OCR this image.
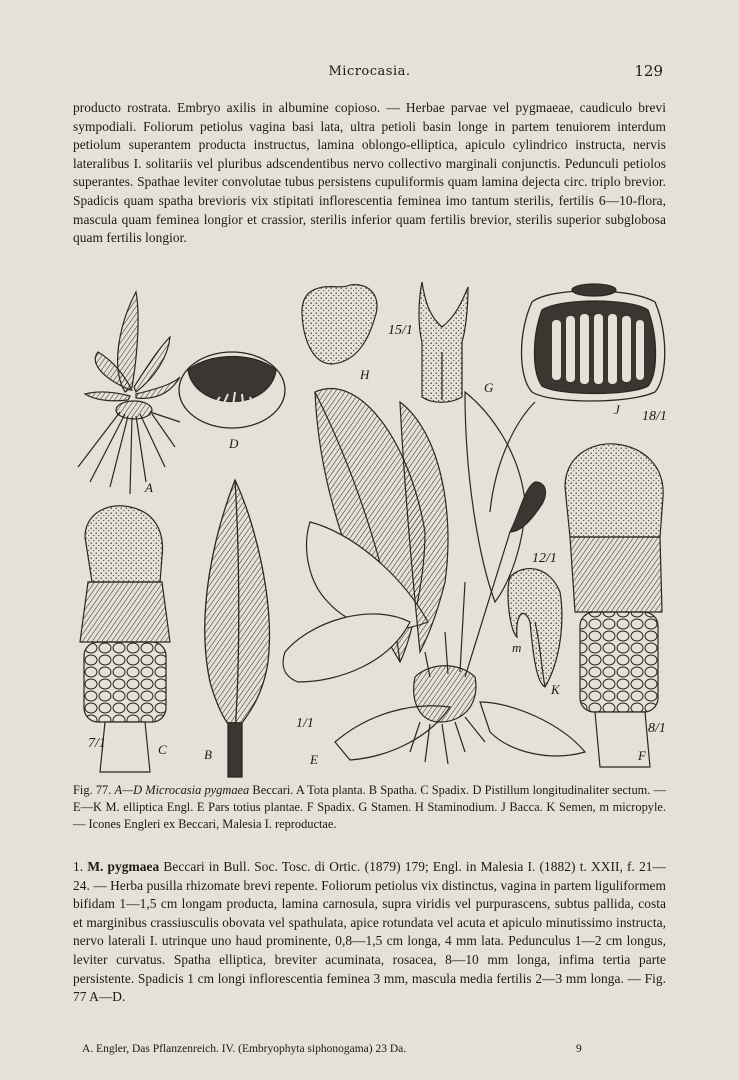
Microcasia.	129
producto rostrata. Embryo axilis in albumine copioso. — Herbae parvae vel pygmaeae, caudiculo brevi sympodiali. Foliorum petiolus vagina basi lata, ultra petioli basin longe in partem tenuiorem interdum petiolum superantem producta instructus, lamina oblongo-elliptica, apiculo cylindrico instructa, nervis lateralibus I. solitariis vel pluribus adscendentibus nervo collectivo marginali conjunctis. Pedunculi petiolos superantes. Spathae leviter convolutae tubus persistens cupuliformis quam lamina dejecta circ. triplo brevior. Spadicis quam spatha brevioris vix stipitati inflorescentia feminea imo tantum sterilis, fertilis 6—10-flora, mascula quam feminea longior et crassior, sterilis inferior quam fertilis brevior, sterilis superior subglobosa quam fertilis longior.
A
D
15/1
H
G
J 18/1
7/1	C	B
1/1
E
12/1
m
K
8/1
F
Fig. 77. A—D Microcasia pygmaea Beccari. A Tota planta. B Spatha. C Spadix. D Pistillum longitudinaliter sectum. — E—K M. elliptica Engl. E Pars totius plantae. F Spadix. G Stamen. H Staminodium. J Bacca. K Semen, m micropyle. — Icones Engleri ex Beccari, Malesia I. reproductae.
1. M. pygmaea Beccari in Bull. Soc. Tosc. di Ortic. (1879) 179; Engl. in Malesia I. (1882) t. XXII, f. 21—24. — Herba pusilla rhizomate brevi repente. Foliorum petiolus vix distinctus, vagina in partem liguliformem bifidam 1—1,5 cm longam producta, lamina carnosula, supra viridis vel purpurascens, subtus pallida, costa et marginibus crassiusculis obovata vel spathulata, apice rotundata vel acuta et apiculo minutissimo instructa, nervo laterali I. utrinque uno haud prominente, 0,8—1,5 cm longa, 4 mm lata. Pedunculus 1—2 cm longus, leviter curvatus. Spatha elliptica, breviter acuminata, rosacea, 8—10 mm longa, infima tertia parte persistente. Spadicis 1 cm longi inflorescentia feminea 3 mm, mascula media fertilis 2—3 mm longa. — Fig. 77 A—D.
A. Engler, Das Pflanzenreich. IV. (Embryophyta siphonogama) 23 Da.	9
